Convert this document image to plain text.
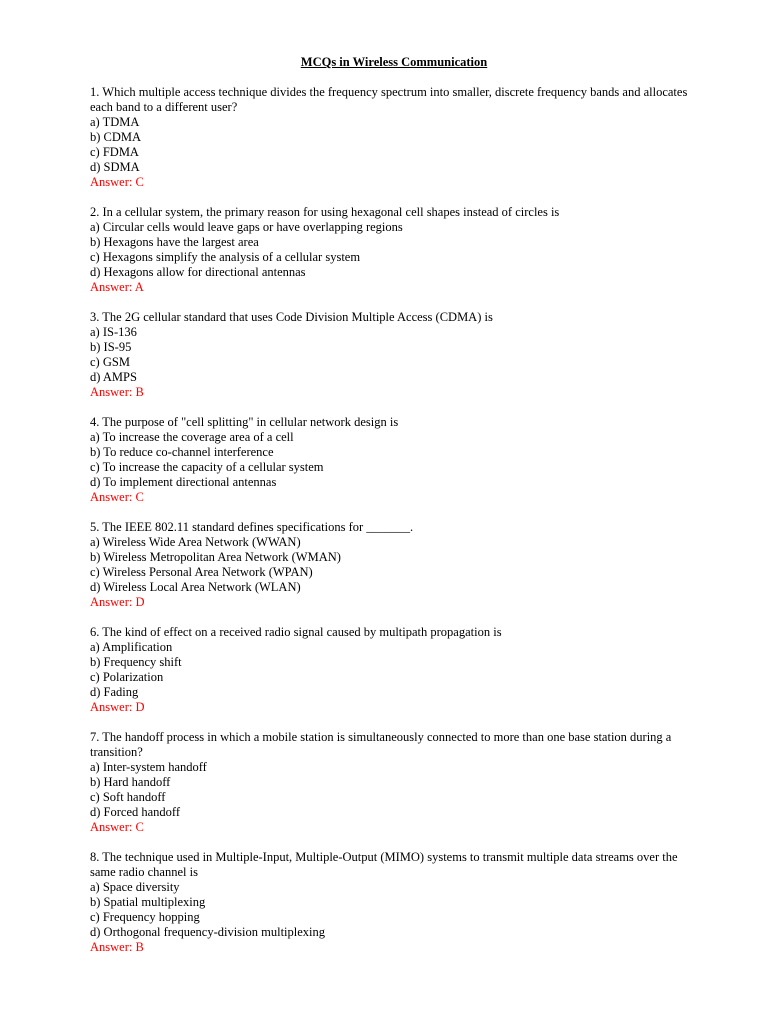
MCQs in Wireless Communication
1. Which multiple access technique divides the frequency spectrum into smaller, discrete frequency bands and allocates each band to a different user?
a) TDMA
b) CDMA
c) FDMA
d) SDMA
Answer: C
2. In a cellular system, the primary reason for using hexagonal cell shapes instead of circles is
a) Circular cells would leave gaps or have overlapping regions
b) Hexagons have the largest area
c) Hexagons simplify the analysis of a cellular system
d) Hexagons allow for directional antennas
Answer: A
3. The 2G cellular standard that uses Code Division Multiple Access (CDMA) is
a) IS-136
b) IS-95
c) GSM
d) AMPS
Answer: B
4. The purpose of "cell splitting" in cellular network design is
a) To increase the coverage area of a cell
b) To reduce co-channel interference
c) To increase the capacity of a cellular system
d) To implement directional antennas
Answer: C
5. The IEEE 802.11 standard defines specifications for _______.
a) Wireless Wide Area Network (WWAN)
b) Wireless Metropolitan Area Network (WMAN)
c) Wireless Personal Area Network (WPAN)
d) Wireless Local Area Network (WLAN)
Answer: D
6. The kind of effect on a received radio signal caused by multipath propagation is
a) Amplification
b) Frequency shift
c) Polarization
d) Fading
Answer: D
7. The handoff process in which a mobile station is simultaneously connected to more than one base station during a transition?
a) Inter-system handoff
b) Hard handoff
c) Soft handoff
d) Forced handoff
Answer: C
8. The technique used in Multiple-Input, Multiple-Output (MIMO) systems to transmit multiple data streams over the same radio channel is
a) Space diversity
b) Spatial multiplexing
c) Frequency hopping
d) Orthogonal frequency-division multiplexing
Answer: B
